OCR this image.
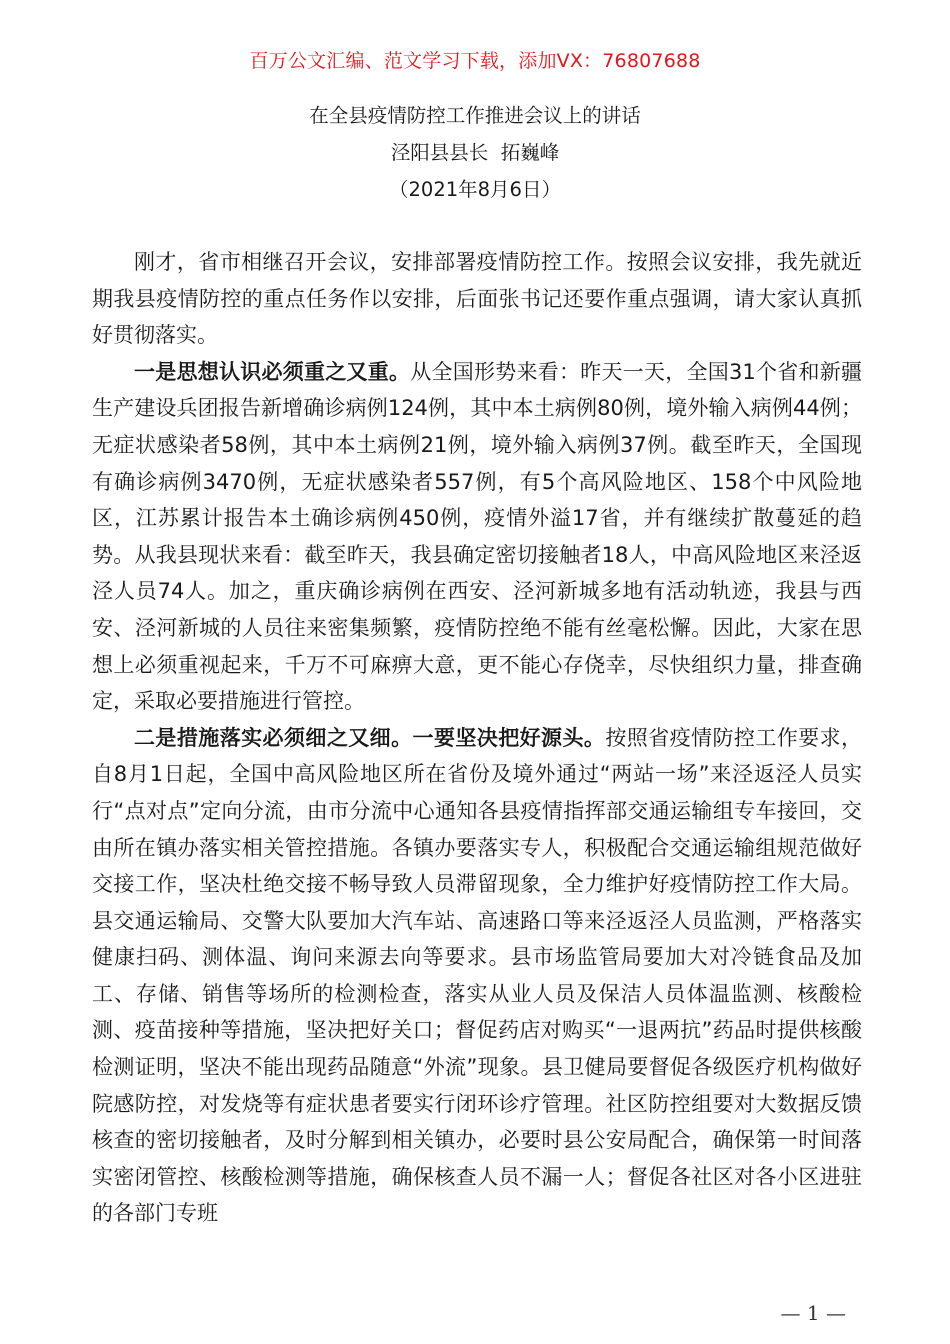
百万公文汇编、范文学习下载，添加VX：76807688
在全县疫情防控工作推进会议上的讲话
泾阳县县长  拓巍峰
（2021年8月6日）

刚才，省市相继召开会议，安排部署疫情防控工作。按照会议安排，我先就近期我县疫情防控的重点任务作以安排，后面张书记还要作重点强调，请大家认真抓好贯彻落实。

一是思想认识必须重之又重。从全国形势来看：昨天一天，全国31个省和新疆生产建设兵团报告新增确诊病例124例，其中本土病例80例，境外输入病例44例；无症状感染者58例，其中本土病例21例，境外输入病例37例。截至昨天，全国现有确诊病例3470例，无症状感染者557例，有5个高风险地区、158个中风险地区，江苏累计报告本土确诊病例450例，疫情外溢17省，并有继续扩散蔓延的趋势。从我县现状来看：截至昨天，我县确定密切接触者18人，中高风险地区来泾返泾人员74人。加之，重庆确诊病例在西安、泾河新城多地有活动轨迹，我县与西安、泾河新城的人员往来密集频繁，疫情防控绝不能有丝毫松懈。因此，大家在思想上必须重视起来，千万不可麻痹大意，更不能心存侥幸，尽快组织力量，排查确定，采取必要措施进行管控。

二是措施落实必须细之又细。一要坚决把好源头。按照省疫情防控工作要求，自8月1日起，全国中高风险地区所在省份及境外通过“两站一场”来泾返泾人员实行“点对点”定向分流，由市分流中心通知各县疫情指挥部交通运输组专车接回，交由所在镇办落实相关管控措施。各镇办要落实专人，积极配合交通运输组规范做好交接工作，坚决杜绝交接不畅导致人员滞留现象，全力维护好疫情防控工作大局。县交通运输局、交警大队要加大汽车站、高速路口等来泾返泾人员监测，严格落实健康扫码、测体温、询问来源去向等要求。县市场监管局要加大对冷链食品及加工、存储、销售等场所的检测检查，落实从业人员及保洁人员体温监测、核酸检测、疫苗接种等措施，坚决把好关口；督促药店对购买“一退两抗”药品时提供核酸检测证明，坚决不能出现药品随意“外流”现象。县卫健局要督促各级医疗机构做好院感防控，对发烧等有症状患者要实行闭环诊疗管理。社区防控组要对大数据反馈核查的密切接触者，及时分解到相关镇办，必要时县公安局配合，确保第一时间落实密闭管控、核酸检测等措施，确保核查人员不漏一人；督促各社区对各小区进驻的各部门专班

— 1 —
